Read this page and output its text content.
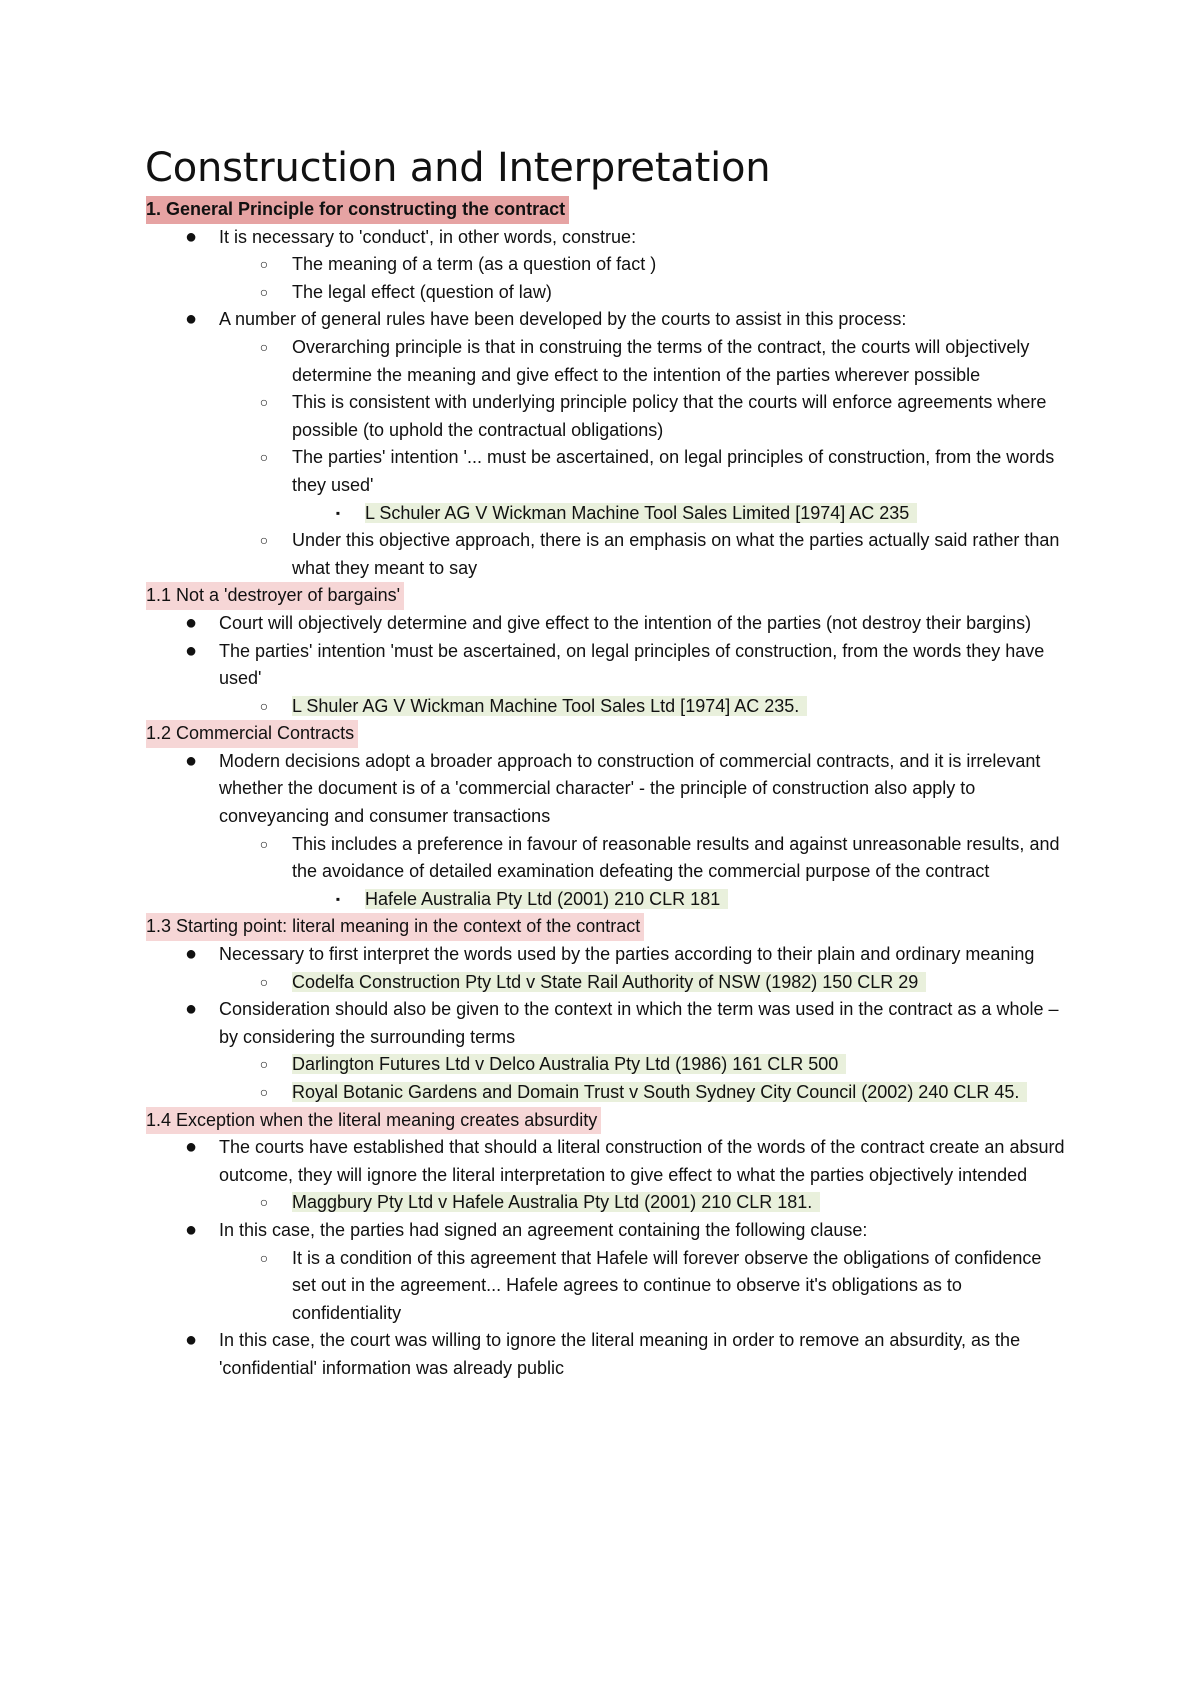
Construction and Interpretation
1. General Principle for constructing the contract
● It is necessary to 'conduct', in other words, construe:
○	The meaning of a term (as a question of fact )
○	The legal effect (question of law)
● A number of general rules have been developed by the courts to assist in this process:
○	Overarching principle is that in construing the terms of the contract, the courts will objectively determine the meaning and give effect to the intention of the parties wherever possible
○	This is consistent with underlying principle policy that the courts will enforce agreements where possible (to uphold the contractual obligations)
○	The parties' intention '... must be ascertained, on legal principles of construction, from the words they used'
▪	L Schuler AG V Wickman Machine Tool Sales Limited [1974] AC 235
○	Under this objective approach, there is an emphasis on what the parties actually said rather than what they meant to say
1.1 Not a 'destroyer of bargains'
● Court will objectively determine and give effect to the intention of the parties (not destroy their bargins)
● The parties' intention 'must be ascertained, on legal principles of construction, from the words they have used'
○	L Shuler AG V Wickman Machine Tool Sales Ltd [1974] AC 235.
1.2 Commercial Contracts
● Modern decisions adopt a broader approach to construction of commercial contracts, and it is irrelevant whether the document is of a 'commercial character' - the principle of construction also apply to conveyancing and consumer transactions
○	This includes a preference in favour of reasonable results and against unreasonable results, and the avoidance of detailed examination defeating the commercial purpose of the contract
▪	Hafele Australia Pty Ltd (2001) 210 CLR 181
1.3 Starting point: literal meaning in the context of the contract
● Necessary to first interpret the words used by the parties according to their plain and ordinary meaning
○	Codelfa Construction Pty Ltd v State Rail Authority of NSW (1982) 150 CLR 29
● Consideration should also be given to the context in which the term was used in the contract as a whole – by considering the surrounding terms
○	Darlington Futures Ltd v Delco Australia Pty Ltd (1986) 161 CLR 500
○	Royal Botanic Gardens and Domain Trust v South Sydney City Council (2002) 240 CLR 45.
1.4 Exception when the literal meaning creates absurdity
● The courts have established that should a literal construction of the words of the contract create an absurd outcome, they will ignore the literal interpretation to give effect to what the parties objectively intended
○	Maggbury Pty Ltd v Hafele Australia Pty Ltd (2001) 210 CLR 181.
● In this case, the parties had signed an agreement containing the following clause:
○	It is a condition of this agreement that Hafele will forever observe the obligations of confidence set out in the agreement... Hafele agrees to continue to observe it's obligations as to confidentiality
● In this case, the court was willing to ignore the literal meaning in order to remove an absurdity, as the 'confidential' information was already public
